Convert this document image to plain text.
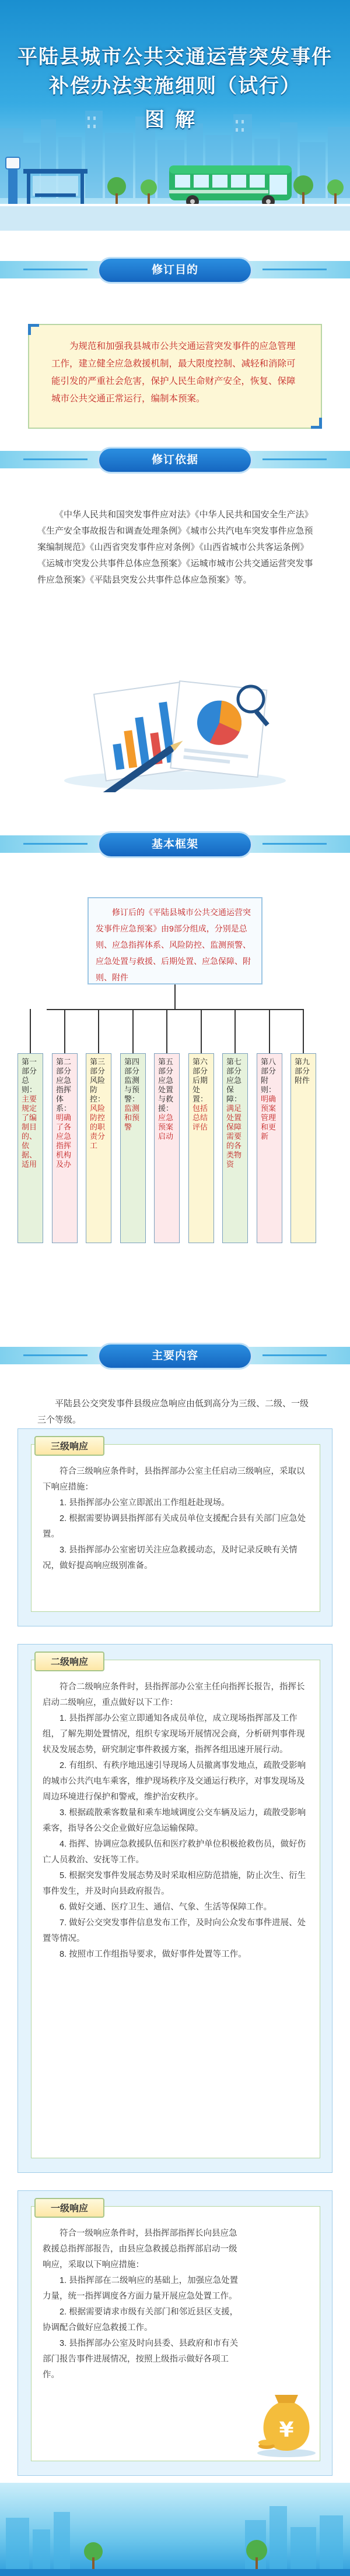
平陆县城市公共交通运营突发事件
补偿办法实施细则（试行）
图解
修订目的
为规范和加强我县城市公共交通运营突发事件的应急管理工作，建立健全应急救援机制，最大限度控制、减轻和消除可能引发的严重社会危害，保护人民生命财产安全，恢复、保障城市公共交通正常运行，编制本预案。
修订依据
《中华人民共和国突发事件应对法》《中华人民共和国安全生产法》《生产安全事故报告和调查处理条例》《城市公共汽电车突发事件应急预案编制规范》《山西省突发事件应对条例》《山西省城市公共客运条例》《运城市突发公共事件总体应急预案》《运城市城市公共交通运营突发事件应急预案》《平陆县突发公共事件总体应急预案》等。
基本框架
修订后的《平陆县城市公共交通运营突发事件应急预案》由9部分组成，分别是总则、应急指挥体系、风险防控、监测预警、应急处置与救援、后期处置、应急保障、附则、附件
第一部分 总则：
主要规定了编制目的、依据、适用
第二部分 应急指挥体系：
明确了各应急指挥机构及办
第三部分 风险防控：
风险防控的职责分工
第四部分 监测与预警：
监测和预警
第五部分 应急处置与救援：
应急预案启动
第六部分 后期处置：
包括总结评估
第七部分 应急保障：
满足处置保障需要的各类物资
第八部分 附则：
明确预案管理和更新
第九部分 附件
主要内容
平陆县公交突发事件县级应急响应由低到高分为三级、二级、一级三个等级。
三级响应

符合三级响应条件时，县指挥部办公室主任启动三级响应，采取以下响应措施：

1. 县指挥部办公室立即派出工作组赶赴现场。

2. 根据需要协调县指挥部有关成员单位支援配合县有关部门应急处置。

3. 县指挥部办公室密切关注应急救援动态，及时记录反映有关情况，做好提高响应级别准备。

二级响应

符合二级响应条件时，县指挥部办公室主任向指挥长报告，指挥长启动二级响应，重点做好以下工作：

1. 县指挥部办公室立即通知各成员单位，成立现场指挥部及工作组，了解先期处置情况，组织专家现场开展情况会商，分析研判事件现状及发展态势，研究制定事件救援方案，指挥各组迅速开展行动。

2. 有组织、有秩序地迅速引导现场人员撤离事发地点，疏散受影响的城市公共汽电车乘客，维护现场秩序及交通运行秩序，对事发现场及周边环境进行保护和警戒，维护治安秩序。

3. 根据疏散乘客数量和乘车地域调度公交车辆及运力，疏散受影响乘客，指导各公交企业做好应急运输保障。

4. 指挥、协调应急救援队伍和医疗救护单位积极抢救伤员，做好伤亡人员救治、安抚等工作。

5. 根据突发事件发展态势及时采取相应防范措施，防止次生、衍生事件发生，并及时向县政府报告。

6. 做好交通、医疗卫生、通信、气象、生活等保障工作。

7. 做好公交突发事件信息发布工作，及时向公众发布事件进展、处置等情况。

8. 按照市工作组指导要求，做好事件处置等工作。

一级响应

符合一级响应条件时，县指挥部指挥长向县应急救援总指挥部报告，由县应急救援总指挥部启动一级响应，采取以下响应措施：

1. 县指挥部在二级响应的基础上，加强应急处置力量，统一指挥调度各方面力量开展应急处置工作。

2. 根据需要请求市级有关部门和邻近县区支援，协调配合做好应急救援工作。

3. 县指挥部办公室及时向县委、县政府和市有关部门报告事件进展情况，按照上级指示做好各项工作。

¥
